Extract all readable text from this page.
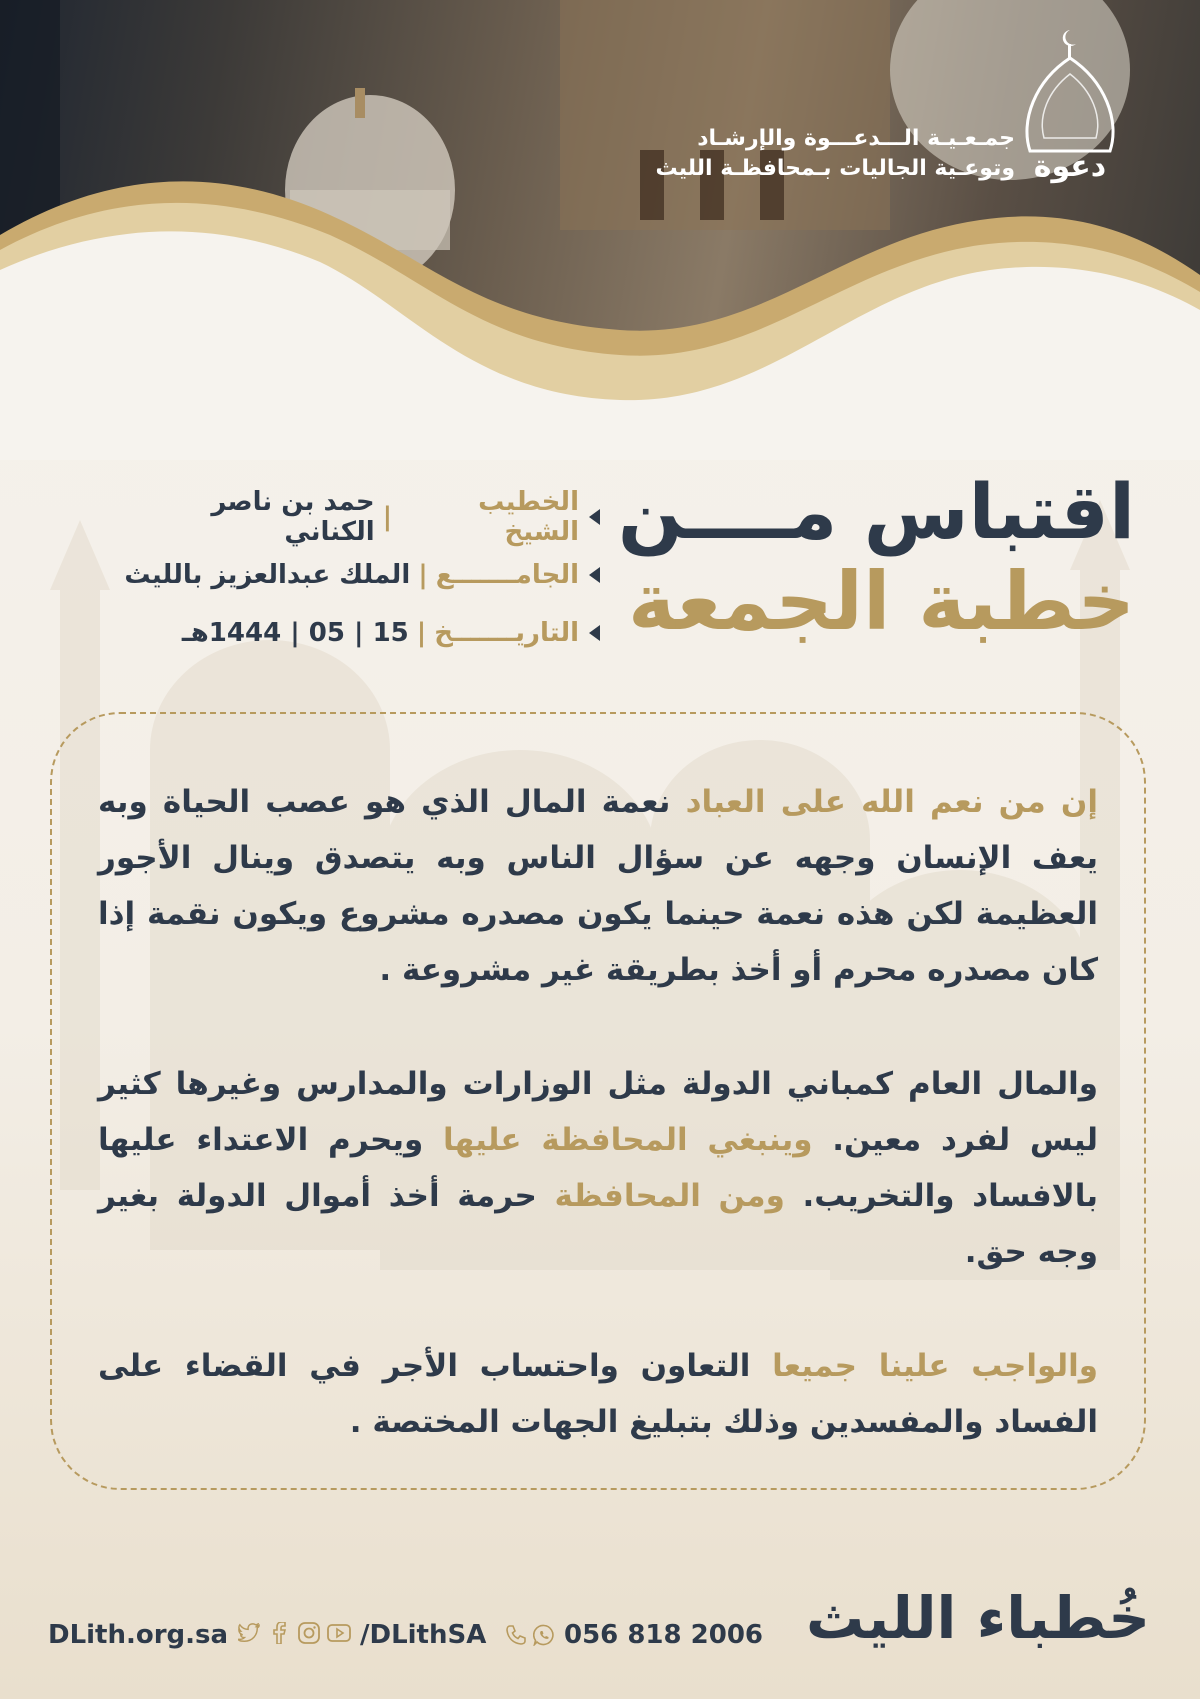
دعوة
جمـعـيـة الـــدعـــوة والإرشـاد
وتوعـية الجاليات بـمحافظـة الليث
اقتباس مــــن
خطبة الجمعة
الخطيب الشيخ
|
حمد بن ناصر الكناني
الجامـــــــع
|
الملك عبدالعزيز بالليث
التاريـــــــخ
|
15 | 05 | 1444هـ

إن من نعم الله على العباد نعمة المال الذي هو عصب الحياة وبه يعف الإنسان وجهه عن سؤال الناس وبه يتصدق وينال الأجور العظيمة لكن هذه نعمة حينما يكون مصدره مشروع ويكون نقمة إذا كان مصدره محرم أو أخذ بطريقة غير مشروعة .

والمال العام كمباني الدولة مثل الوزارات والمدارس وغيرها كثير ليس لفرد معين. وينبغي المحافظة عليها ويحرم الاعتداء عليها بالافساد والتخريب. ومن المحافظة حرمة أخذ أموال الدولة بغير وجه حق.

والواجب علينا جميعا التعاون واحتساب الأجر في القضاء على الفساد والمفسدين وذلك بتبليغ الجهات المختصة .

DLith.org.sa	/DLithSA	056 818 2006 خُطباء الليث
